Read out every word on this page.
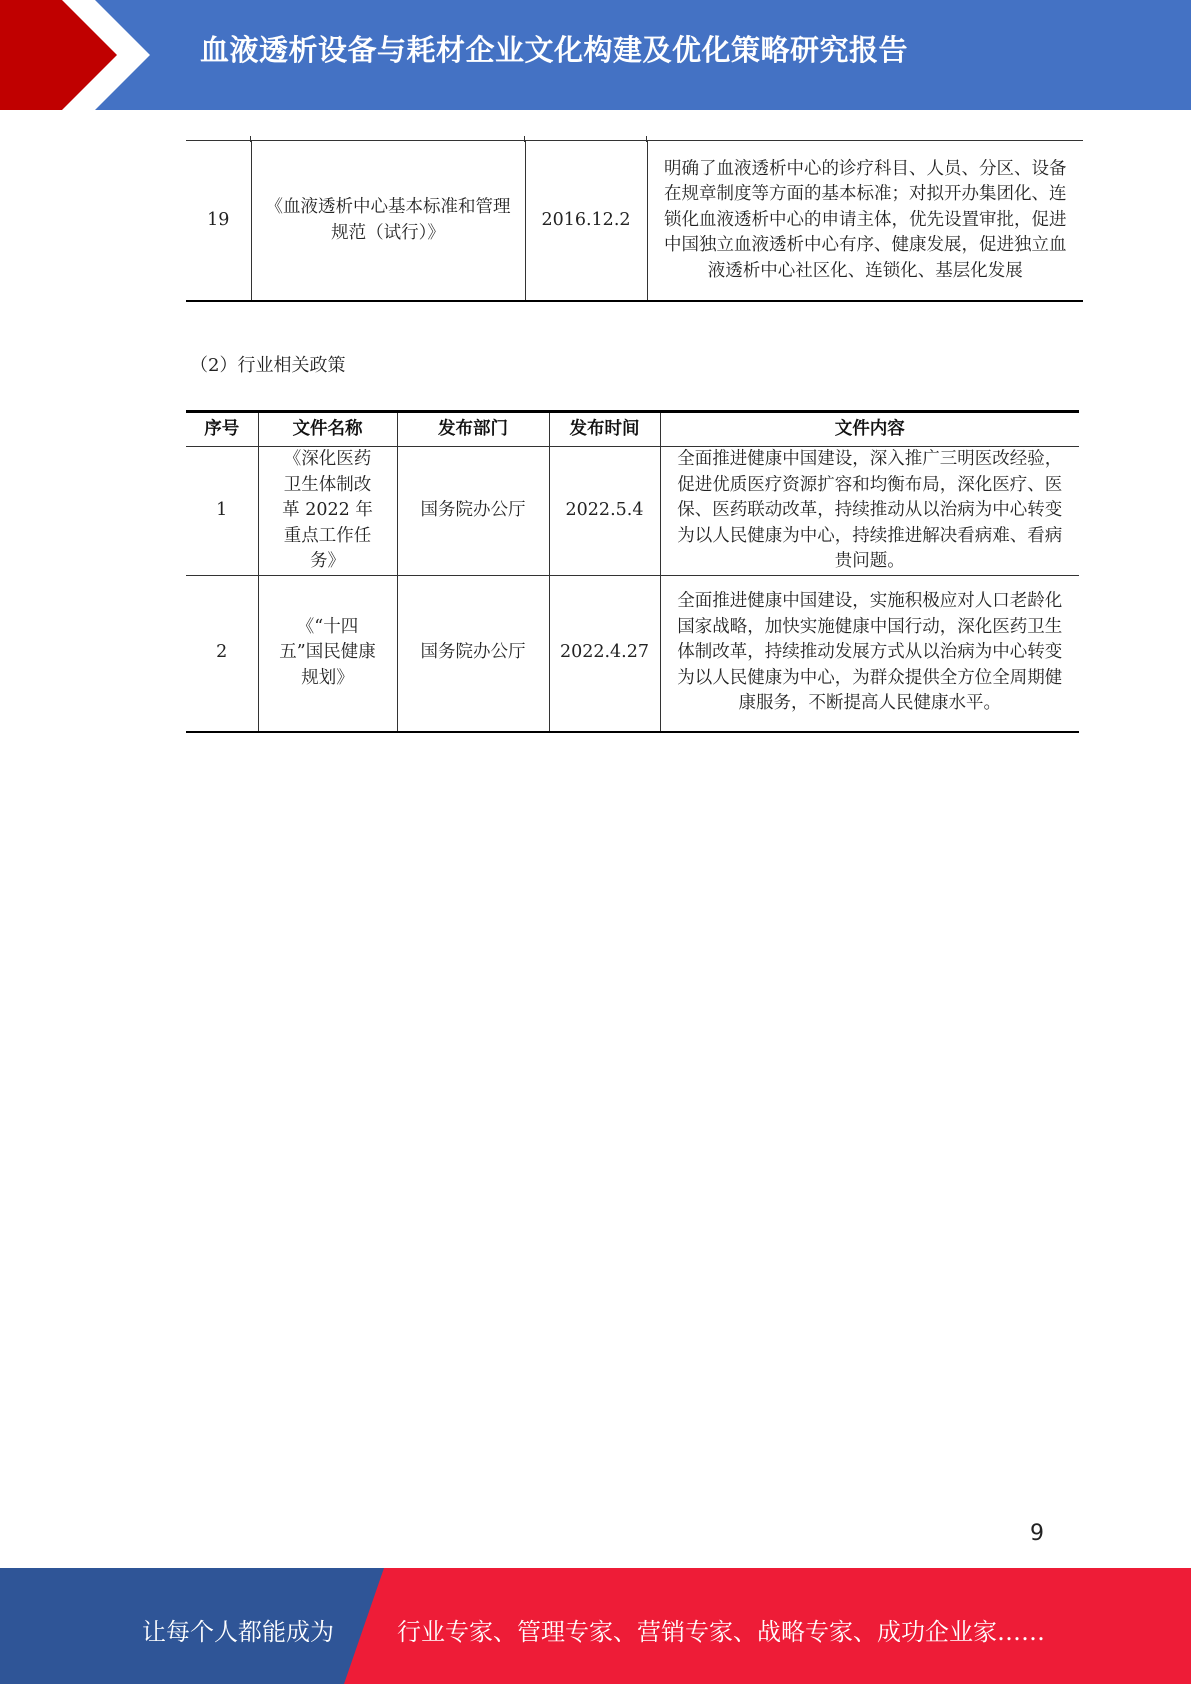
血液透析设备与耗材企业文化构建及优化策略研究报告
19	《血液透析中心基本标准和管理规范（试行）》	2016.12.2	明确了血液透析中心的诊疗科目、人员、分区、设备在规章制度等方面的基本标准；对拟开办集团化、连锁化血液透析中心的申请主体，优先设置审批，促进中国独立血液透析中心有序、健康发展，促进独立血液透析中心社区化、连锁化、基层化发展
（2）行业相关政策
序号	文件名称	发布部门	发布时间	文件内容
1	《深化医药卫生体制改革 2022 年重点工作任务》	国务院办公厅	2022.5.4	全面推进健康中国建设，深入推广三明医改经验，促进优质医疗资源扩容和均衡布局，深化医疗、医保、医药联动改革，持续推动从以治病为中心转变为以人民健康为中心，持续推进解决看病难、看病贵问题。
2	《“十四五”国民健康规划》	国务院办公厅	2022.4.27	全面推进健康中国建设，实施积极应对人口老龄化国家战略，加快实施健康中国行动，深化医药卫生体制改革，持续推动发展方式从以治病为中心转变为以人民健康为中心，为群众提供全方位全周期健康服务，不断提高人民健康水平。
9
让每个人都能成为	行业专家、管理专家、营销专家、战略专家、成功企业家……
